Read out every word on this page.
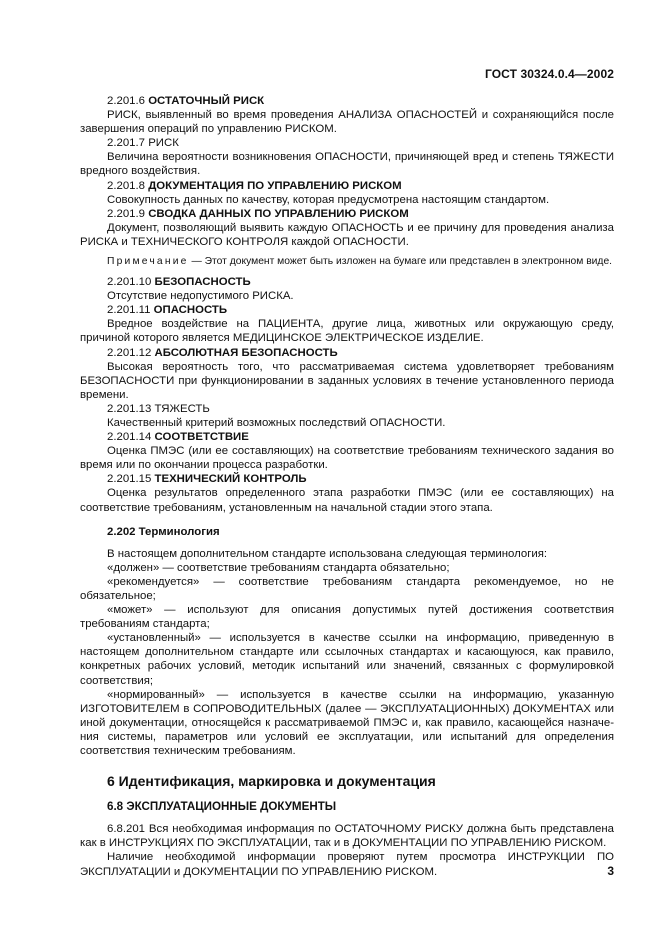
ГОСТ 30324.0.4—2002

2.201.6 ОСТАТОЧНЫЙ РИСК

РИСК, выявленный во время проведения АНАЛИЗА ОПАСНОСТЕЙ и сохраняющийся после завершения операций по управлению РИСКОМ.

2.201.7 РИСК

Величина вероятности возникновения ОПАСНОСТИ, причиняющей вред и степень ТЯЖЕСТИ вредного воздействия.

2.201.8 ДОКУМЕНТАЦИЯ ПО УПРАВЛЕНИЮ РИСКОМ

Совокупность данных по качеству, которая предусмотрена настоящим стандартом.

2.201.9 СВОДКА ДАННЫХ ПО УПРАВЛЕНИЮ РИСКОМ

Документ, позволяющий выявить каждую ОПАСНОСТЬ и ее причину для проведения анализа РИСКА и ТЕХНИЧЕСКОГО КОНТРОЛЯ каждой ОПАСНОСТИ.

Примечание — Этот документ может быть изложен на бумаге или представлен в электронном виде.

2.201.10 БЕЗОПАСНОСТЬ

Отсутствие недопустимого РИСКА.

2.201.11 ОПАСНОСТЬ

Вредное воздействие на ПАЦИЕНТА, другие лица, животных или окружающую среду, причиной которого является МЕДИЦИНСКОЕ ЭЛЕКТРИЧЕСКОЕ ИЗДЕЛИЕ.

2.201.12 АБСОЛЮТНАЯ БЕЗОПАСНОСТЬ

Высокая вероятность того, что рассматриваемая система удовлетворяет требованиям БЕЗОПАСНОСТИ при функционировании в заданных условиях в течение установленного периода времени.

2.201.13 ТЯЖЕСТЬ

Качественный критерий возможных последствий ОПАСНОСТИ.

2.201.14 СООТВЕТСТВИЕ

Оценка ПМЭС (или ее составляющих) на соответствие требованиям технического задания во время или по окончании процесса разработки.

2.201.15 ТЕХНИЧЕСКИЙ КОНТРОЛЬ

Оценка результатов определенного этапа разработки ПМЭС (или ее составляющих) на соответствие требованиям, установленным на начальной стадии этого этапа.

2.202 Терминология

В настоящем дополнительном стандарте использована следующая терминология:

«должен» — соответствие требованиям стандарта обязательно;

«рекомендуется» — соответствие требованиям стандарта рекомендуемое, но не обязательное;

«может» — используют для описания допустимых путей достижения соответствия требованиям стандарта;

«установленный» — используется в качестве ссылки на информацию, приведенную в настоящем дополнительном стандарте или ссылочных стандартах и касающуюся, как правило, конкретных рабочих условий, методик испытаний или значений, связанных с формулировкой соответствия;

«нормированный» — используется в качестве ссылки на информацию, указанную ИЗГОТОВИТЕЛЕМ в СОПРОВОДИТЕЛЬНЫХ (далее — ЭКСПЛУАТАЦИОННЫХ) ДОКУМЕНТАХ или иной документации, относящейся к рассматриваемой ПМЭС и, как правило, касающейся назначе-ния системы, параметров или условий ее эксплуатации, или испытаний для определения соответствия техническим требованиям.

6 Идентификация, маркировка и документация

6.8 ЭКСПЛУАТАЦИОННЫЕ ДОКУМЕНТЫ

6.8.201 Вся необходимая информация по ОСТАТОЧНОМУ РИСКУ должна быть представлена как в ИНСТРУКЦИЯХ ПО ЭКСПЛУАТАЦИИ, так и в ДОКУМЕНТАЦИИ ПО УПРАВЛЕНИЮ РИСКОМ.

Наличие необходимой информации проверяют путем просмотра ИНСТРУКЦИИ ПО ЭКСПЛУАТАЦИИ и ДОКУМЕНТАЦИИ ПО УПРАВЛЕНИЮ РИСКОМ.	3
